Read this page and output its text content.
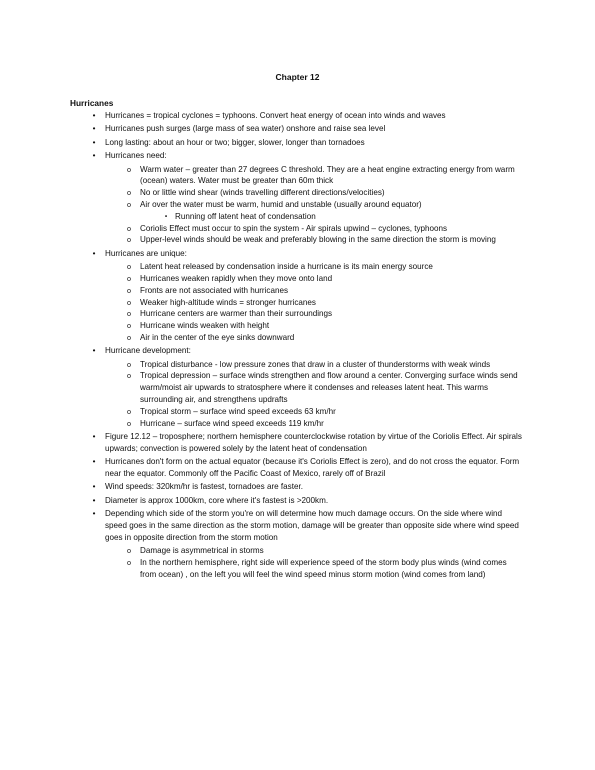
Chapter 12
Hurricanes
•	Hurricanes = tropical cyclones = typhoons. Convert heat energy of ocean into winds and waves
•	Hurricanes push surges (large mass of sea water) onshore and raise sea level
•	Long lasting: about an hour or two; bigger, slower, longer than tornadoes
•	Hurricanes need:
o Warm water – greater than 27 degrees C threshold. They are a heat engine extracting energy from warm (ocean) waters. Water must be greater than 60m thick
o No or little wind shear (winds travelling different directions/velocities)
o Air over the water must be warm, humid and unstable (usually around equator)
▪ Running off latent heat of condensation
o Coriolis Effect must occur to spin the system - Air spirals upwind – cyclones, typhoons
o Upper-level winds should be weak and preferably blowing in the same direction the storm is moving
•	Hurricanes are unique:
o Latent heat released by condensation inside a hurricane is its main energy source
o Hurricanes weaken rapidly when they move onto land
o Fronts are not associated with hurricanes
o Weaker high-altitude winds = stronger hurricanes
o Hurricane centers are warmer than their surroundings
o Hurricane winds weaken with height
o Air in the center of the eye sinks downward
•	Hurricane development:
o Tropical disturbance - low pressure zones that draw in a cluster of thunderstorms with weak winds
o Tropical depression – surface winds strengthen and flow around a center. Converging surface winds send warm/moist air upwards to stratosphere where it condenses and releases latent heat. This warms surrounding air, and strengthens updrafts
o Tropical storm – surface wind speed exceeds 63 km/hr
o Hurricane – surface wind speed exceeds 119 km/hr
•	Figure 12.12 – troposphere; northern hemisphere counterclockwise rotation by virtue of the Coriolis Effect. Air spirals upwards; convection is powered solely by the latent heat of condensation
•	Hurricanes don't form on the actual equator (because it's Coriolis Effect is zero), and do not cross the equator. Form near the equator. Commonly off the Pacific Coast of Mexico, rarely off of Brazil
•	Wind speeds: 320km/hr is fastest, tornadoes are faster.
•	Diameter is approx 1000km, core where it's fastest is >200km.
•	Depending which side of the storm you're on will determine how much damage occurs. On the side where wind speed goes in the same direction as the storm motion, damage will be greater than opposite side where wind speed goes in opposite direction from the storm motion
o Damage is asymmetrical in storms
o In the northern hemisphere, right side will experience speed of the storm body plus winds (wind comes from ocean) , on the left you will feel the wind speed minus storm motion (wind comes from land)
